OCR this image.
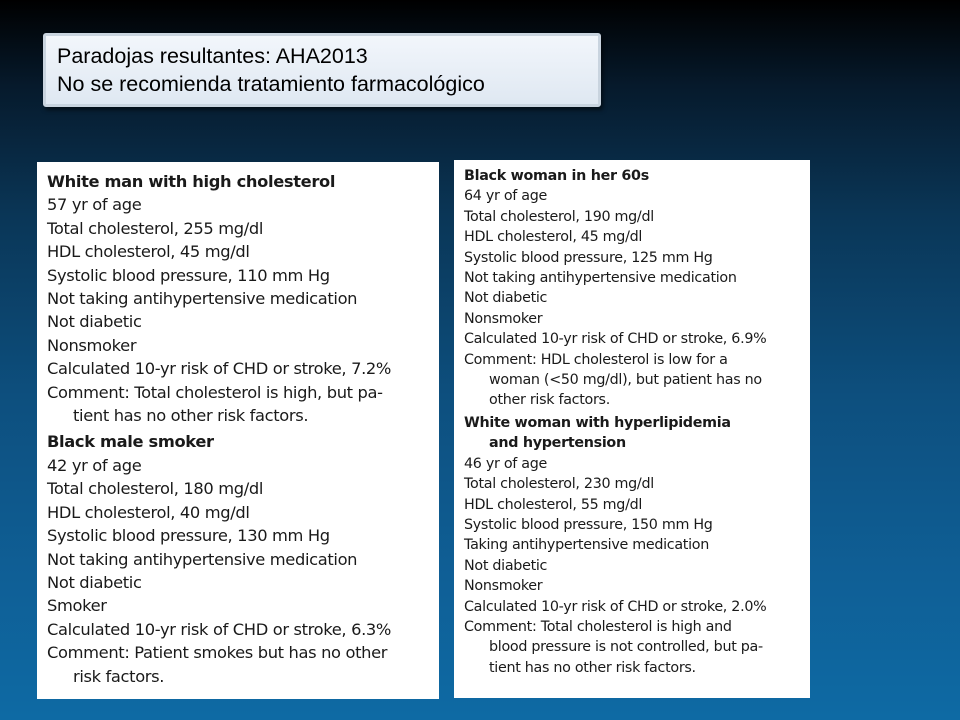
Paradojas resultantes: AHA2013
No se recomienda tratamiento farmacológico
White man with high cholesterol
57 yr of age
Total cholesterol, 255 mg/dl
HDL cholesterol, 45 mg/dl
Systolic blood pressure, 110 mm Hg
Not taking antihypertensive medication
Not diabetic
Nonsmoker
Calculated 10-yr risk of CHD or stroke, 7.2%
Comment: Total cholesterol is high, but pa-
tient has no other risk factors.
Black male smoker
42 yr of age
Total cholesterol, 180 mg/dl
HDL cholesterol, 40 mg/dl
Systolic blood pressure, 130 mm Hg
Not taking antihypertensive medication
Not diabetic
Smoker
Calculated 10-yr risk of CHD or stroke, 6.3%
Comment: Patient smokes but has no other
risk factors.
Black woman in her 60s
64 yr of age
Total cholesterol, 190 mg/dl
HDL cholesterol, 45 mg/dl
Systolic blood pressure, 125 mm Hg
Not taking antihypertensive medication
Not diabetic
Nonsmoker
Calculated 10-yr risk of CHD or stroke, 6.9%
Comment: HDL cholesterol is low for a
woman (<50 mg/dl), but patient has no
other risk factors.
White woman with hyperlipidemia
and hypertension
46 yr of age
Total cholesterol, 230 mg/dl
HDL cholesterol, 55 mg/dl
Systolic blood pressure, 150 mm Hg
Taking antihypertensive medication
Not diabetic
Nonsmoker
Calculated 10-yr risk of CHD or stroke, 2.0%
Comment: Total cholesterol is high and
blood pressure is not controlled, but pa-
tient has no other risk factors.
